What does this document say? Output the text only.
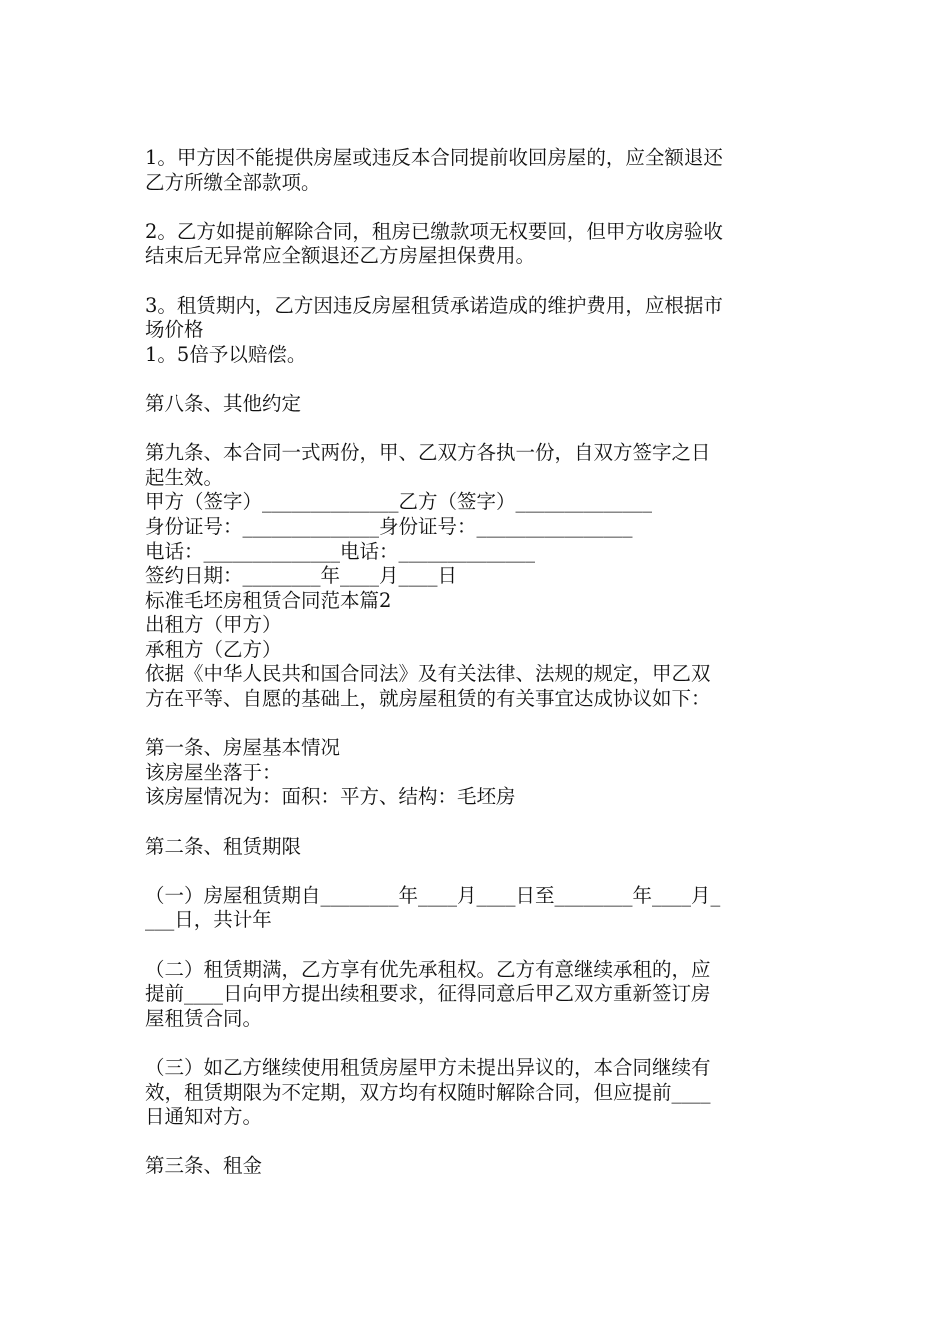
1。甲方因不能提供房屋或违反本合同提前收回房屋的，应全额退还
乙方所缴全部款项。
2。乙方如提前解除合同，租房已缴款项无权要回，但甲方收房验收
结束后无异常应全额退还乙方房屋担保费用。
3。租赁期内，乙方因违反房屋租赁承诺造成的维护费用，应根据市
场价格
1。5倍予以赔偿。
第八条、其他约定
第九条、本合同一式两份，甲、乙双方各执一份，自双方签字之日
起生效。
甲方（签字）______________乙方（签字）______________
身份证号：______________身份证号：________________
电话：______________电话：______________
签约日期：________年____月____日
标准毛坯房租赁合同范本篇2
出租方（甲方）
承租方（乙方）
依据《中华人民共和国合同法》及有关法律、法规的规定，甲乙双
方在平等、自愿的基础上，就房屋租赁的有关事宜达成协议如下：
第一条、房屋基本情况
该房屋坐落于：
该房屋情况为：面积：平方、结构：毛坯房
第二条、租赁期限
（一）房屋租赁期自________年____月____日至________年____月_
___日，共计年
（二）租赁期满，乙方享有优先承租权。乙方有意继续承租的，应
提前____日向甲方提出续租要求，征得同意后甲乙双方重新签订房
屋租赁合同。
（三）如乙方继续使用租赁房屋甲方未提出异议的，本合同继续有
效，租赁期限为不定期，双方均有权随时解除合同，但应提前____
日通知对方。
第三条、租金
